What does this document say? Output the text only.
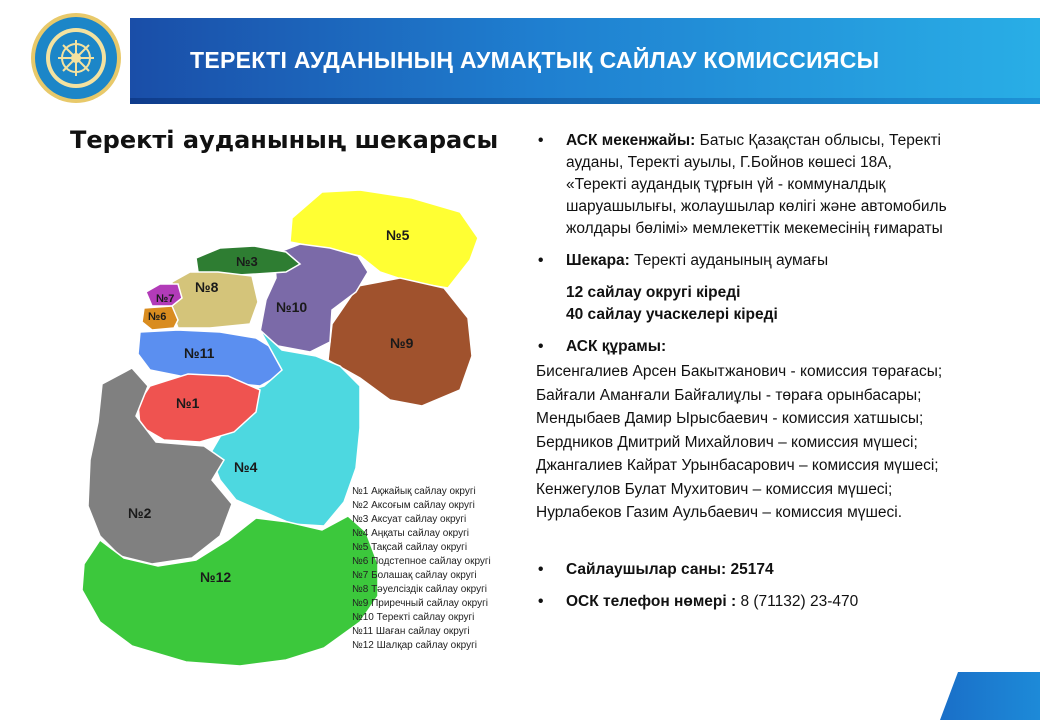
ТЕРЕКТІ АУДАНЫНЫҢ АУМАҚТЫҚ САЙЛАУ КОМИССИЯСЫ
Теректі ауданының шекарасы
№5
№9
№10
№3
№8
№7
№6
№11
№1
№4
№2
№12
№1 Ақжайық сайлау округі
№2 Аксоғым сайлау округі
№3 Аксуат сайлау округі
№4 Аңқаты сайлау округі
№5 Тақсай сайлау округі
№6 Подстепное сайлау округі
№7 Болашақ сайлау округі
№8 Тәуелсіздік сайлау округі
№9 Приречный сайлау округі
№10 Теректі сайлау округі
№11 Шаған сайлау округі
№12 Шалқар сайлау округі
• АСК мекенжайы: Батыс Қазақстан облысы, Теректі
ауданы, Теректі ауылы, Г.Бойнов көшесі 18А,
«Теректі аудандық тұрғын үй - коммуналдық
шаруашылығы, жолаушылар көлігі және автомобиль
жолдары бөлімі» мемлекеттік мекемесінің ғимараты
• Шекара: Теректі ауданының аумағы
12 сайлау округі кіреді
40 сайлау учаскелері кіреді
• АСК құрамы:
Бисенгалиев Арсен Бакытжанович - комиссия төрағасы;
Байғали Аманғали Байғалиұлы - төраға орынбасары;
Мендыбаев Дамир Ырысбаевич - комиссия хатшысы;
Бердников Дмитрий Михайлович – комиссия мүшесі;
Джангалиев Кайрат Урынбасарович – комиссия мүшесі;
Кенжегулов Булат Мухитович – комиссия мүшесі;
Нурлабеков Газим Аульбаевич – комиссия мүшесі.
• Сайлаушылар саны: 25174
• ОСК телефон нөмері : 8 (71132) 23-470
